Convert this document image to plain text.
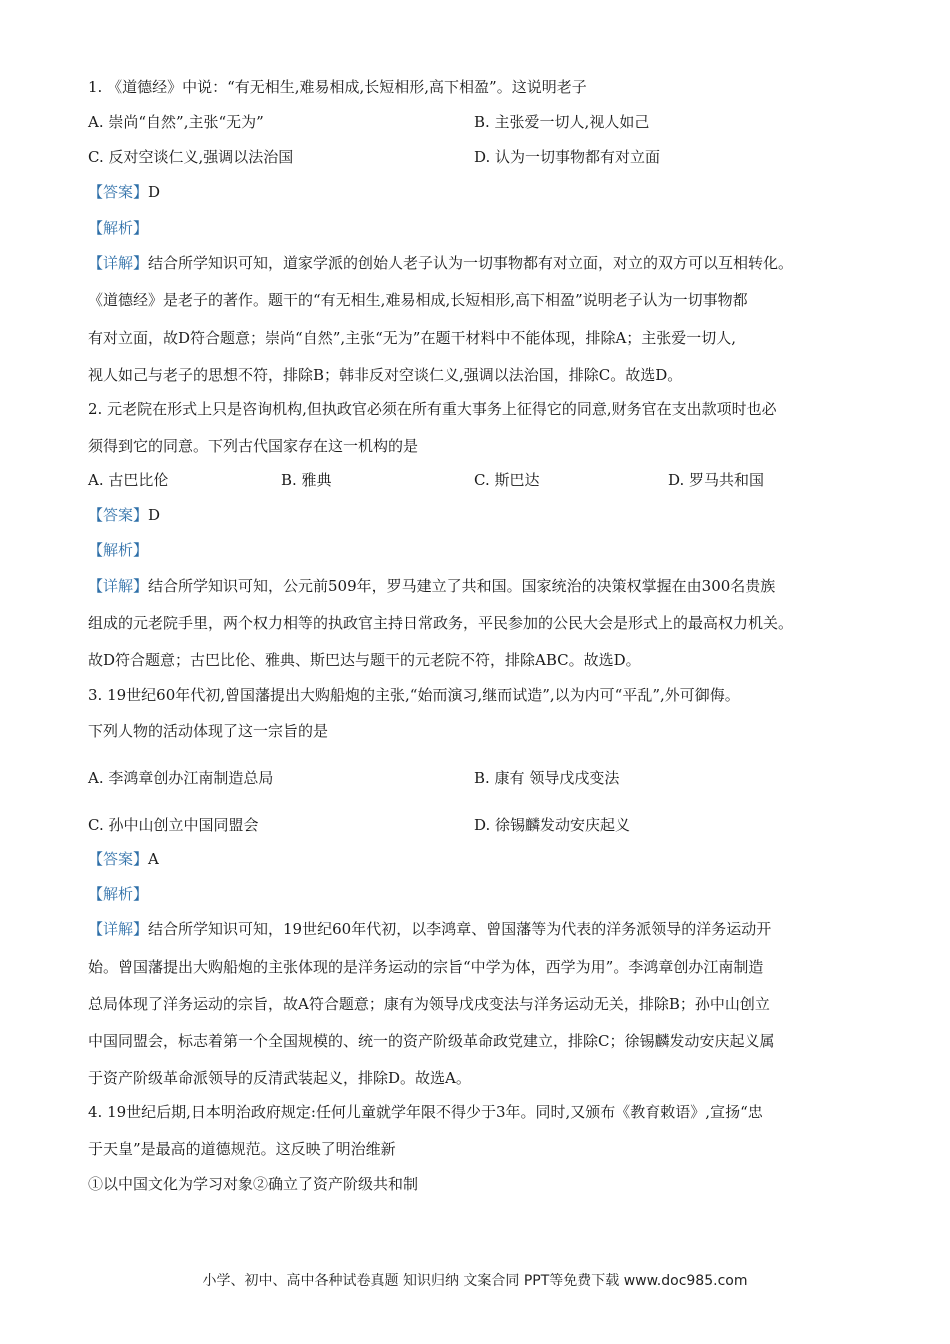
1. 《道德经》中说：“有无相生,难易相成,长短相形,高下相盈”。这说明老子
A. 崇尚“自然”,主张“无为”	B. 主张爱一切人,视人如己
C. 反对空谈仁义,强调以法治国	D. 认为一切事物都有对立面
【答案】D
【解析】
【详解】结合所学知识可知，道家学派的创始人老子认为一切事物都有对立面，对立的双方可以互相转化。
《道德经》是老子的著作。题干的“有无相生,难易相成,长短相形,高下相盈”说明老子认为一切事物都
有对立面，故D符合题意；崇尚“自然”,主张“无为”在题干材料中不能体现，排除A；主张爱一切人,
视人如己与老子的思想不符，排除B；韩非反对空谈仁义,强调以法治国，排除C。故选D。
2. 元老院在形式上只是咨询机构,但执政官必须在所有重大事务上征得它的同意,财务官在支出款项时也必
须得到它的同意。下列古代国家存在这一机构的是
A. 古巴比伦	B. 雅典	C. 斯巴达	D. 罗马共和国
【答案】D
【解析】
【详解】结合所学知识可知，公元前509年，罗马建立了共和国。国家统治的决策权掌握在由300名贵族
组成的元老院手里，两个权力相等的执政官主持日常政务，平民参加的公民大会是形式上的最高权力机关。
故D符合题意；古巴比伦、雅典、斯巴达与题干的元老院不符，排除ABC。故选D。
3. 19世纪60年代初,曾国藩提出大购船炮的主张,“始而演习,继而试造”,以为内可“平乱”,外可御侮。
下列人物的活动体现了这一宗旨的是
A. 李鸿章创办江南制造总局	B. 康有 领导戊戌变法
C. 孙中山创立中国同盟会	D. 徐锡麟发动安庆起义
【答案】A
【解析】
【详解】结合所学知识可知，19世纪60年代初，以李鸿章、曾国藩等为代表的洋务派领导的洋务运动开
始。曾国藩提出大购船炮的主张体现的是洋务运动的宗旨“中学为体，西学为用”。李鸿章创办江南制造
总局体现了洋务运动的宗旨，故A符合题意；康有为领导戊戌变法与洋务运动无关，排除B；孙中山创立
中国同盟会，标志着第一个全国规模的、统一的资产阶级革命政党建立，排除C；徐锡麟发动安庆起义属
于资产阶级革命派领导的反清武装起义，排除D。故选A。
4. 19世纪后期,日本明治政府规定:任何儿童就学年限不得少于3年。同时,又颁布《教育敕语》,宣扬“忠
于天皇”是最高的道德规范。这反映了明治维新
①以中国文化为学习对象②确立了资产阶级共和制
小学、初中、高中各种试卷真题 知识归纳 文案合同 PPT等免费下载 www.doc985.com
